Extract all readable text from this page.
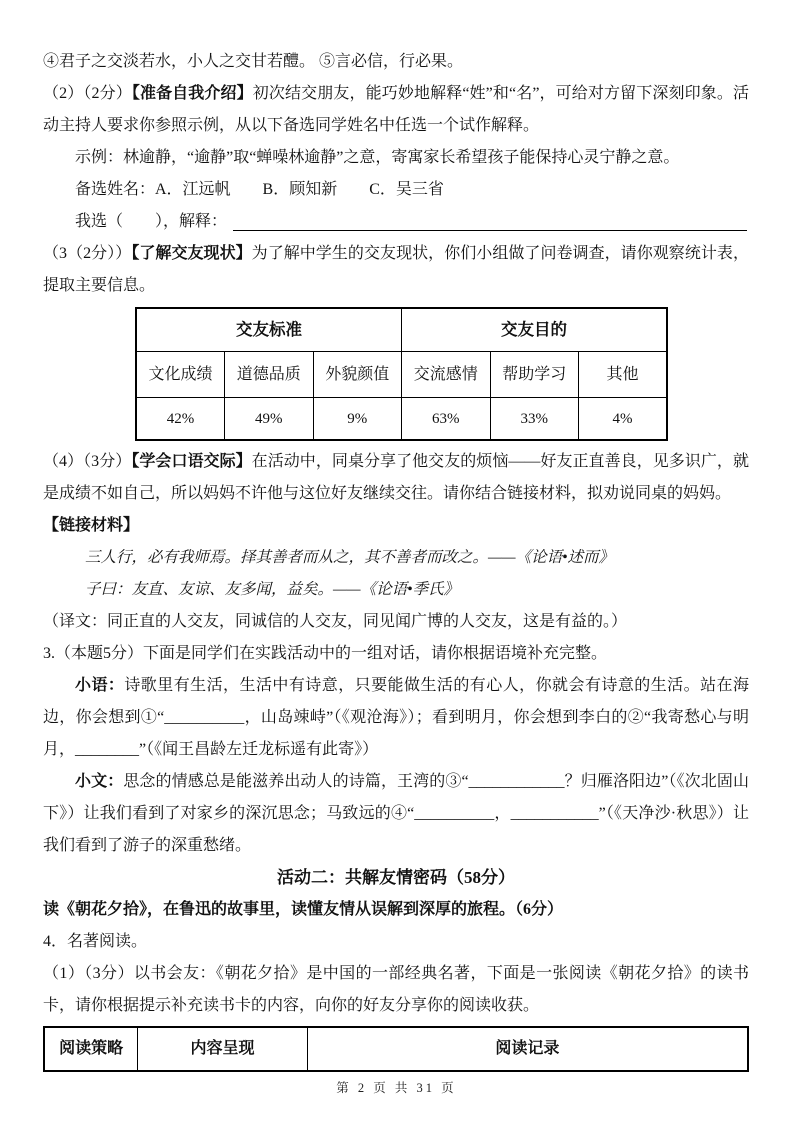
④君子之交淡若水，小人之交甘若醴。 ⑤言必信，行必果。

（2）（2分）【准备自我介绍】初次结交朋友，能巧妙地解释“姓”和“名”，可给对方留下深刻印象。活动主持人要求你参照示例，从以下备选同学姓名中任选一个试作解释。

示例：林逾静，“逾静”取“蝉噪林逾静”之意，寄寓家长希望孩子能保持心灵宁静之意。

备选姓名：A．江远帆　　B．顾知新　　C．吴三省

我选（　　），解释：

（3（2分））【了解交友现状】为了解中学生的交友现状，你们小组做了问卷调查，请你观察统计表，提取主要信息。

交友标准			交友目的		
文化成绩	道德品质	外貌颜值	交流感情	帮助学习	其他
42%	49%	9%	63%	33%	4%

（4）（3分）【学会口语交际】在活动中，同桌分享了他交友的烦恼——好友正直善良，见多识广，就是成绩不如自己，所以妈妈不许他与这位好友继续交往。请你结合链接材料，拟劝说同桌的妈妈。

【链接材料】

三人行，必有我师焉。择其善者而从之，其不善者而改之。——《论语•述而》

子曰：友直、友谅、友多闻，益矣。——《论语•季氏》

（译文：同正直的人交友，同诚信的人交友，同见闻广博的人交友，这是有益的。）

3.（本题5分）下面是同学们在实践活动中的一组对话，请你根据语境补充完整。

小语：诗歌里有生活，生活中有诗意，只要能做生活的有心人，你就会有诗意的生活。站在海边，你会想到①“__________，山岛竦峙”（《观沧海》）；看到明月，你会想到李白的②“我寄愁心与明月，________”（《闻王昌龄左迁龙标遥有此寄》）

小文：思念的情感总是能滋养出动人的诗篇，王湾的③“____________？归雁洛阳边”（《次北固山下》）让我们看到了对家乡的深沉思念；马致远的④“__________，___________”（《天净沙·秋思》）让我们看到了游子的深重愁绪。

活动二：共解友情密码（58分）

读《朝花夕拾》，在鲁迅的故事里，读懂友情从误解到深厚的旅程。（6分）

4．名著阅读。

（1）（3分）以书会友：《朝花夕拾》是中国的一部经典名著，下面是一张阅读《朝花夕拾》的读书卡，请你根据提示补充读书卡的内容，向你的好友分享你的阅读收获。

阅读策略	内容呈现	阅读记录
第 2 页 共 31 页
